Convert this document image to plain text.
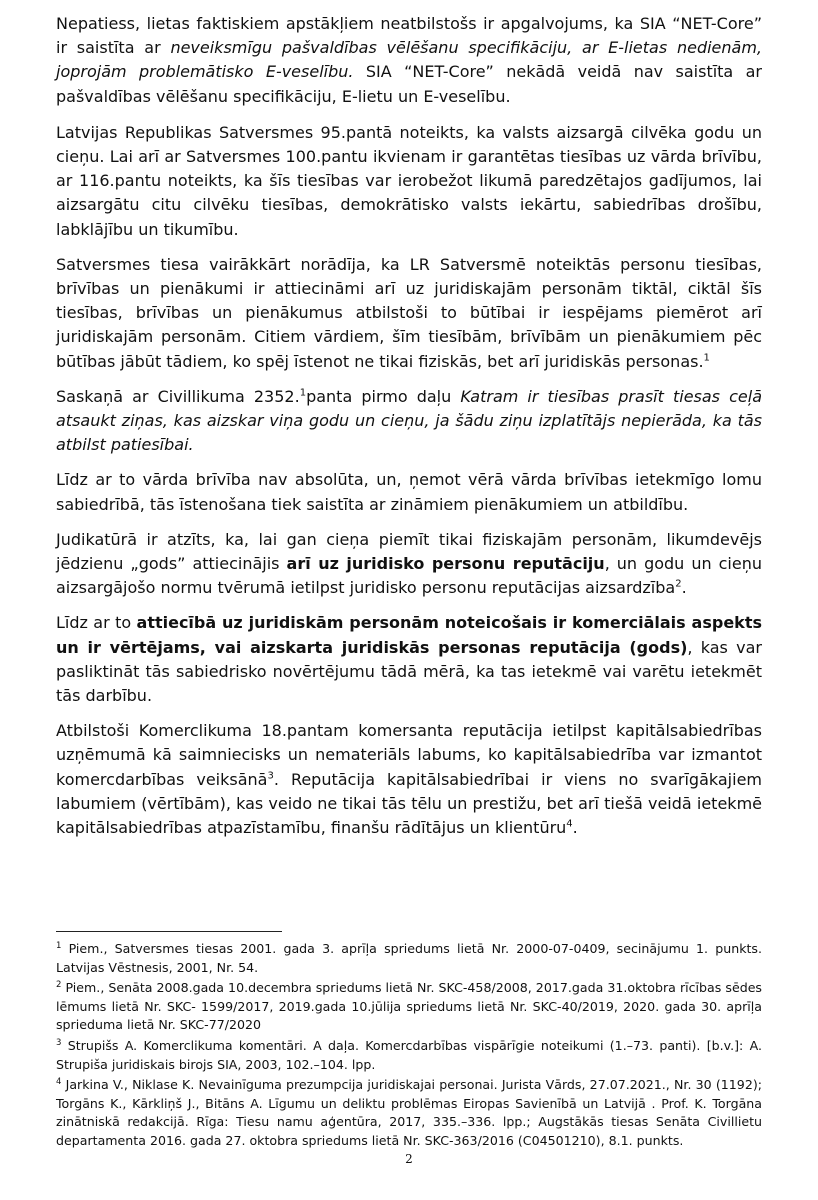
Nepatiess, lietas faktiskiem apstākļiem neatbilstošs ir apgalvojums, ka SIA “NET-Core” ir saistīta ar neveiksmīgu pašvaldības vēlēšanu specifikāciju, ar E-lietas nedienām, joprojām problemātisko E-veselību. SIA “NET-Core” nekādā veidā nav saistīta ar pašvaldības vēlēšanu specifikāciju, E-lietu un E-veselību.

Latvijas Republikas Satversmes 95.pantā noteikts, ka valsts aizsargā cilvēka godu un cieņu. Lai arī ar Satversmes 100.pantu ikvienam ir garantētas tiesības uz vārda brīvību, ar 116.pantu noteikts, ka šīs tiesības var ierobežot likumā paredzētajos gadījumos, lai aizsargātu citu cilvēku tiesības, demokrātisko valsts iekārtu, sabiedrības drošību, labklājību un tikumību.

Satversmes tiesa vairākkārt norādīja, ka LR Satversmē noteiktās personu tiesības, brīvības un pienākumi ir attiecināmi arī uz juridiskajām personām tiktāl, ciktāl šīs tiesības, brīvības un pienākumus atbilstoši to būtībai ir iespējams piemērot arī juridiskajām personām. Citiem vārdiem, šīm tiesībām, brīvībām un pienākumiem pēc būtības jābūt tādiem, ko spēj īstenot ne tikai fiziskās, bet arī juridiskās personas.$^1$

Saskaņā ar Civillikuma 2352.$^1$panta pirmo daļu Katram ir tiesības prasīt tiesas ceļā atsaukt ziņas, kas aizskar viņa godu un cieņu, ja šādu ziņu izplatītājs nepierāda, ka tās atbilst patiesībai.

Līdz ar to vārda brīvība nav absolūta, un, ņemot vērā vārda brīvības ietekmīgo lomu sabiedrībā, tās īstenošana tiek saistīta ar zināmiem pienākumiem un atbildību.

Judikatūrā ir atzīts, ka, lai gan cieņa piemīt tikai fiziskajām personām, likumdevējs jēdzienu „gods” attiecinājis arī uz juridisko personu reputāciju, un godu un cieņu aizsargājošo normu tvērumā ietilpst juridisko personu reputācijas aizsardzība$^2$.

Līdz ar to attiecībā uz juridiskām personām noteicošais ir komerciālais aspekts un ir vērtējams, vai aizskarta juridiskās personas reputācija (gods), kas var pasliktināt tās sabiedrisko novērtējumu tādā mērā, ka tas ietekmē vai varētu ietekmēt tās darbību.

Atbilstoši Komerclikuma 18.pantam komersanta reputācija ietilpst kapitālsabiedrības uzņēmumā kā saimniecisks un nemateriāls labums, ko kapitālsabiedrība var izmantot komercdarbības veiksānā$^3$. Reputācija kapitālsabiedrībai ir viens no svarīgākajiem labumiem (vērtībām), kas veido ne tikai tās tēlu un prestižu, bet arī tiešā veidā ietekmē kapitālsabiedrības atpazīstamību, finanšu rādītājus un klientūru$^4$.

$^1$ Piem., Satversmes tiesas 2001. gada 3. aprīļa spriedums lietā Nr. 2000-07-0409, secinājumu 1. punkts. Latvijas Vēstnesis, 2001, Nr. 54.

$^2$ Piem., Senāta 2008.gada 10.decembra spriedums lietā Nr. SKC-458/2008, 2017.gada 31.oktobra rīcības sēdes lēmums lietā Nr. SKC- 1599/2017, 2019.gada 10.jūlija spriedums lietā Nr. SKC-40/2019, 2020. gada 30. aprīļa sprieduma lietā Nr. SKC-77/2020

$^3$ Strupišs A. Komerclikuma komentāri. A daļa. Komercdarbības vispārīgie noteikumi (1.–73. panti). [b.v.]: A. Strupiša juridiskais birojs SIA, 2003, 102.–104. lpp.

$^4$ Jarkina V., Niklase K. Nevainīguma prezumpcija juridiskajai personai. Jurista Vārds, 27.07.2021., Nr. 30 (1192); Torgāns K., Kārkliņš J., Bitāns A. Līgumu un deliktu problēmas Eiropas Savienībā un Latvijā . Prof. K. Torgāna zinātniskā redakcijā. Rīga: Tiesu namu aģentūra, 2017, 335.–336. lpp.; Augstākās tiesas Senāta Civillietu departamenta 2016. gada 27. oktobra spriedums lietā Nr. SKC-363/2016 (C04501210), 8.1. punkts.

2
